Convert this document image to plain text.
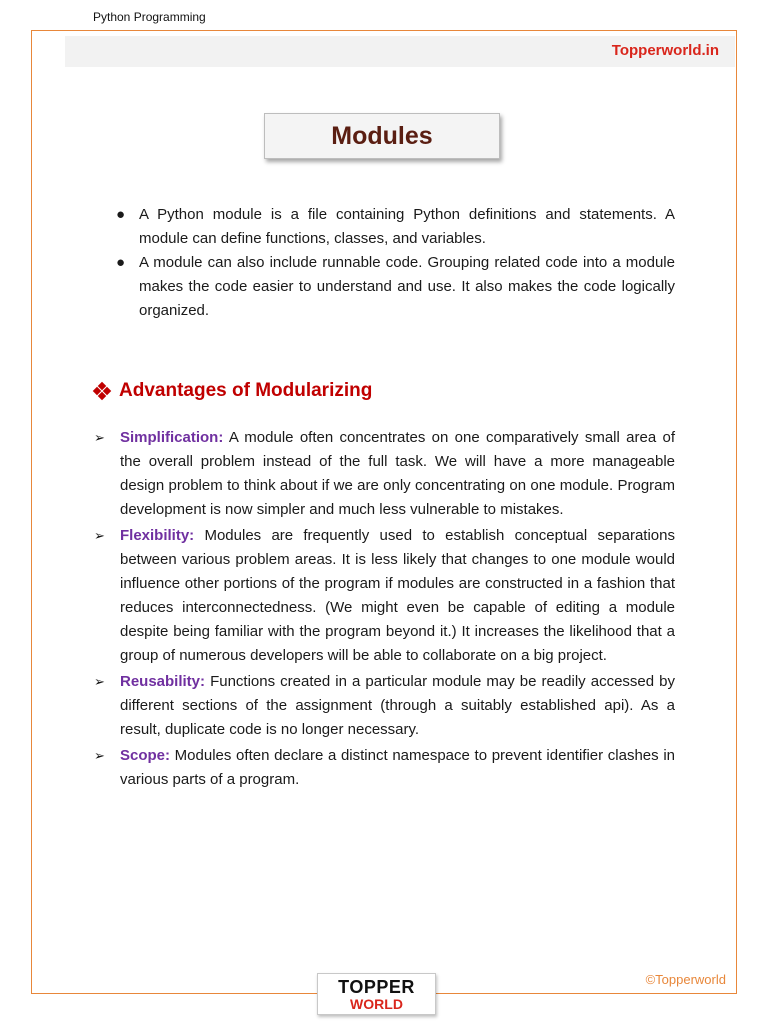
Python Programming
Topperworld.in
Modules
● A Python module is a file containing Python definitions and statements. A module can define functions, classes, and variables.
● A module can also include runnable code. Grouping related code into a module makes the code easier to understand and use. It also makes the code logically organized.
Advantages of Modularizing
➢ Simplification: A module often concentrates on one comparatively small area of the overall problem instead of the full task. We will have a more manageable design problem to think about if we are only concentrating on one module. Program development is now simpler and much less vulnerable to mistakes.
➢ Flexibility: Modules are frequently used to establish conceptual separations between various problem areas. It is less likely that changes to one module would influence other portions of the program if modules are constructed in a fashion that reduces interconnectedness. (We might even be capable of editing a module despite being familiar with the program beyond it.) It increases the likelihood that a group of numerous developers will be able to collaborate on a big project.
➢ Reusability: Functions created in a particular module may be readily accessed by different sections of the assignment (through a suitably established api). As a result, duplicate code is no longer necessary.
➢ Scope: Modules often declare a distinct namespace to prevent identifier clashes in various parts of a program.
©Topperworld
TOPPER
WORLD
